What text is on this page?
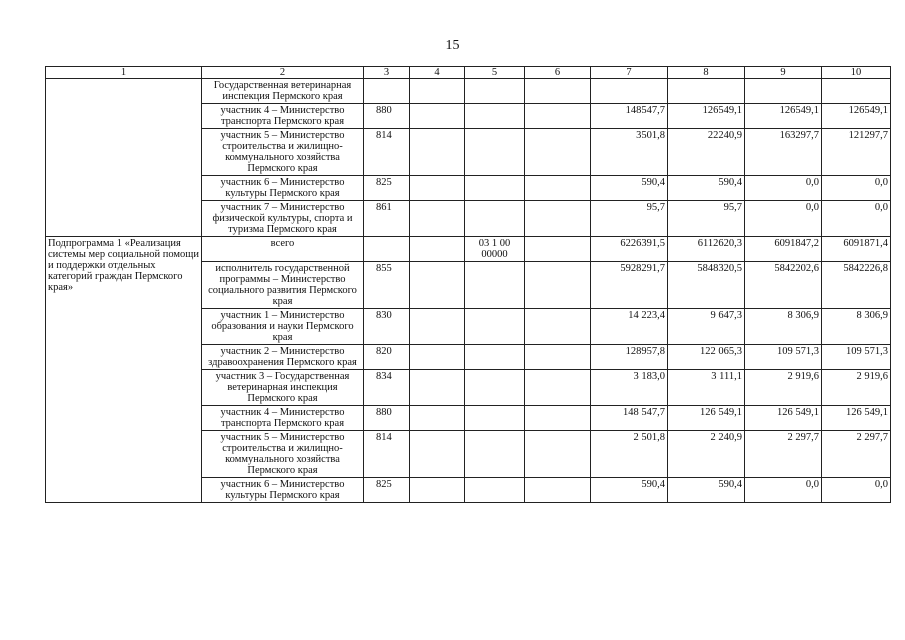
15
1	2	3	4	5	6	7	8	9	10
	Государственная ветеринарная инспекция Пермского края								
	участник 4 – Министерство транспорта Пермского края	880				148547,7	126549,1	126549,1	126549,1
	участник 5 – Министерство строительства и жилищно-коммунального хозяйства Пермского края	814				3501,8	22240,9	163297,7	121297,7
	участник 6 – Министерство культуры Пермского края	825				590,4	590,4	0,0	0,0
	участник 7 – Министерство физической культуры, спорта и туризма Пермского края	861				95,7	95,7	0,0	0,0
Подпрограмма 1 «Реализация системы мер социальной помощи и поддержки отдельных категорий граждан Пермского края»	всего			03 1 00 00000		6226391,5	6112620,3	6091847,2	6091871,4
	исполнитель государственной программы – Министерство социального развития Пермского края	855				5928291,7	5848320,5	5842202,6	5842226,8
	участник 1 – Министерство образования и науки Пермского края	830				14 223,4	9 647,3	8 306,9	8 306,9
	участник 2 – Министерство здравоохранения Пермского края	820				128957,8	122 065,3	109 571,3	109 571,3
	участник 3 – Государственная ветеринарная инспекция Пермского края	834				3 183,0	3 111,1	2 919,6	2 919,6
	участник 4 – Министерство транспорта Пермского края	880				148 547,7	126 549,1	126 549,1	126 549,1
	участник 5 – Министерство строительства и жилищно-коммунального хозяйства Пермского края	814				2 501,8	2 240,9	2 297,7	2 297,7
	участник 6 – Министерство культуры Пермского края	825				590,4	590,4	0,0	0,0
